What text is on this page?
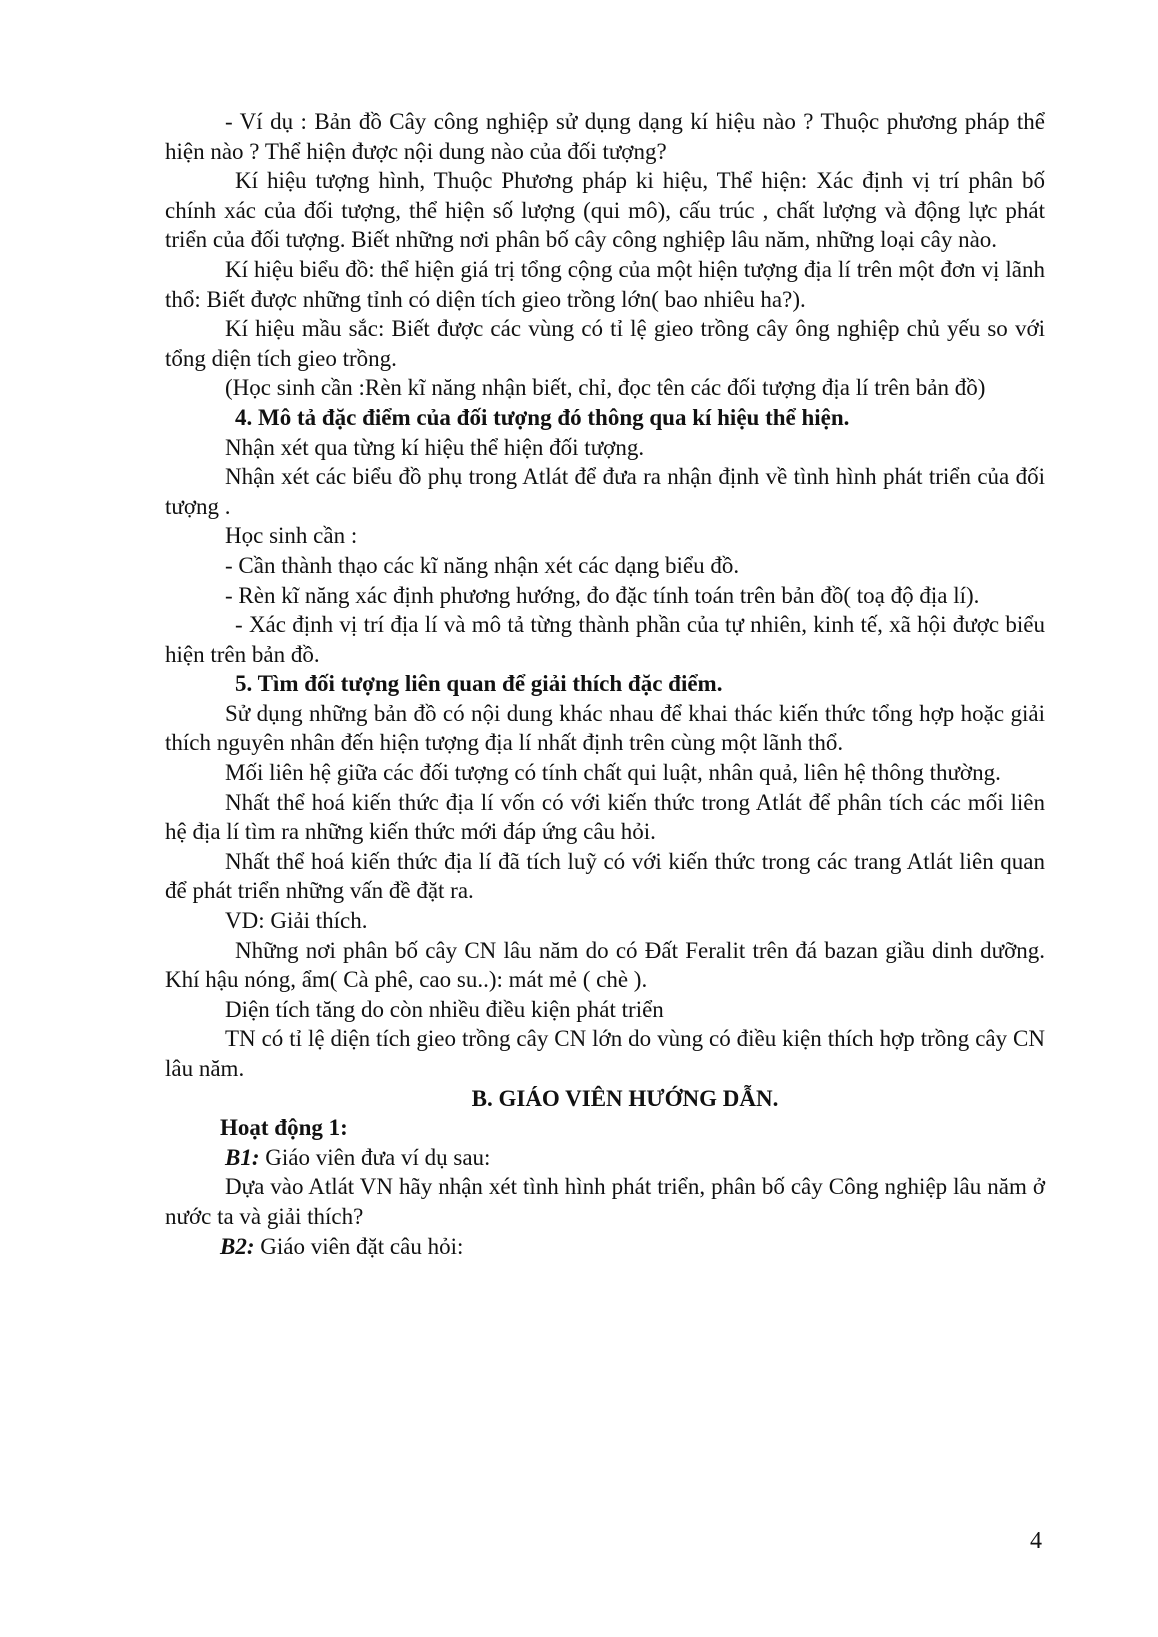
- Ví dụ : Bản đồ Cây công nghiệp sử dụng dạng kí hiệu nào ? Thuộc phương pháp thể hiện nào ? Thể hiện được nội dung nào của đối tượng?

Kí hiệu tượng hình, Thuộc Phương pháp ki hiệu, Thể hiện: Xác định vị trí phân bố chính xác của đối tượng, thể hiện số lượng (qui mô), cấu trúc , chất lượng và động lực phát triển của đối tượng. Biết những nơi phân bố cây công nghiệp lâu năm, những loại cây nào.

Kí hiệu biểu đồ: thể hiện giá trị tổng cộng của một hiện tượng địa lí trên một đơn vị lãnh thổ: Biết được những tỉnh có diện tích gieo trồng lớn( bao nhiêu ha?).

Kí hiệu mầu sắc: Biết được các vùng có tỉ lệ gieo trồng cây ông nghiệp chủ yếu so với tổng diện tích gieo trồng.

(Học sinh cần :Rèn kĩ năng nhận biết, chỉ, đọc tên các đối tượng địa lí trên bản đồ)

4. Mô tả đặc điểm của đối tượng đó thông qua kí hiệu thể hiện.

Nhận xét qua từng kí hiệu thể hiện đối tượng.

Nhận xét các biểu đồ phụ trong Atlát để đưa ra nhận định về tình hình phát triển của đối tượng .

Học sinh cần :

- Cần thành thạo các kĩ năng nhận xét các dạng biểu đồ.

- Rèn kĩ năng xác định phương hướng, đo đặc tính toán trên bản đồ( toạ độ địa lí).

- Xác định vị trí địa lí và mô tả từng thành phần của tự nhiên, kinh tế, xã hội được biểu hiện trên bản đồ.

5. Tìm đối tượng liên quan để giải thích đặc điểm.

Sử dụng những bản đồ có nội dung khác nhau để khai thác kiến thức tổng hợp hoặc giải thích nguyên nhân đến hiện tượng địa lí nhất định trên cùng một lãnh thổ.

Mối liên hệ giữa các đối tượng có tính chất qui luật, nhân quả, liên hệ thông thường.

Nhất thể hoá kiến thức địa lí vốn có với kiến thức trong Atlát để phân tích các mối liên hệ địa lí tìm ra những kiến thức mới đáp ứng câu hỏi.

Nhất thể hoá kiến thức địa lí đã tích luỹ có với kiến thức trong các trang Atlát liên quan để phát triển những vấn đề đặt ra.

VD: Giải thích.

Những nơi phân bố cây CN lâu năm do có Đất Feralit trên đá bazan giầu dinh dưỡng. Khí hậu nóng, ẩm( Cà phê, cao su..): mát mẻ ( chè ).

Diện tích tăng do còn nhiều điều kiện phát triển

TN có tỉ lệ diện tích gieo trồng cây CN lớn do vùng có điều kiện thích hợp trồng cây CN lâu năm.

B. GIÁO VIÊN HƯỚNG DẪN.

Hoạt động 1:

B1: Giáo viên đưa ví dụ sau:

Dựa vào Atlát VN hãy nhận xét tình hình phát triển, phân bố cây Công nghiệp lâu năm ở nước ta và giải thích?

B2: Giáo viên đặt câu hỏi:

4
